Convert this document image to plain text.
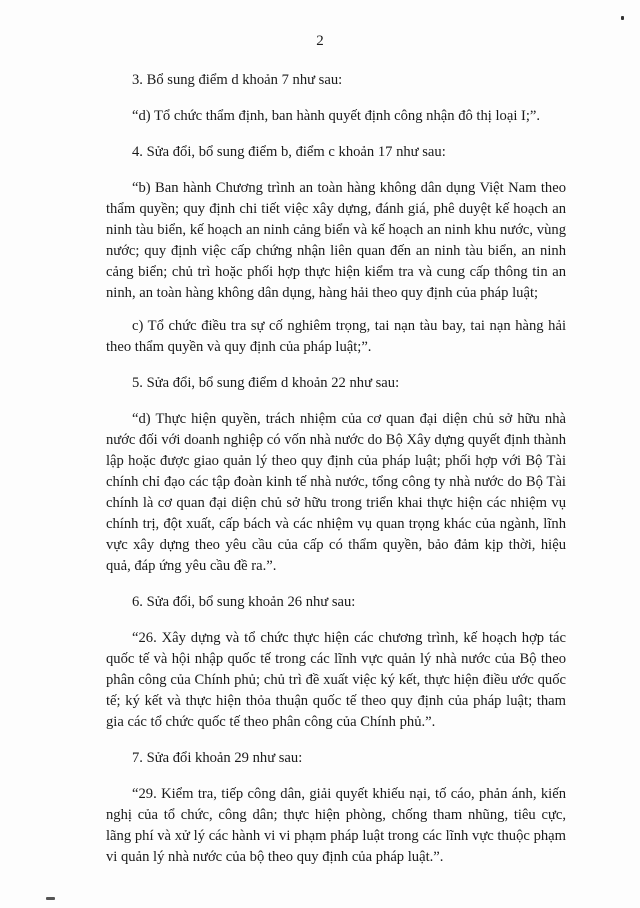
2

3. Bổ sung điểm d khoản 7 như sau:

“d) Tổ chức thẩm định, ban hành quyết định công nhận đô thị loại I;”.

4. Sửa đổi, bổ sung điểm b, điểm c khoản 17 như sau:

“b) Ban hành Chương trình an toàn hàng không dân dụng Việt Nam theo thẩm quyền; quy định chi tiết việc xây dựng, đánh giá, phê duyệt kế hoạch an ninh tàu biển, kế hoạch an ninh cảng biển và kế hoạch an ninh khu nước, vùng nước; quy định việc cấp chứng nhận liên quan đến an ninh tàu biển, an ninh cảng biển; chủ trì hoặc phối hợp thực hiện kiểm tra và cung cấp thông tin an ninh, an toàn hàng không dân dụng, hàng hải theo quy định của pháp luật;

c) Tổ chức điều tra sự cố nghiêm trọng, tai nạn tàu bay, tai nạn hàng hải theo thẩm quyền và quy định của pháp luật;”.

5. Sửa đổi, bổ sung điểm d khoản 22 như sau:

“d) Thực hiện quyền, trách nhiệm của cơ quan đại diện chủ sở hữu nhà nước đối với doanh nghiệp có vốn nhà nước do Bộ Xây dựng quyết định thành lập hoặc được giao quản lý theo quy định của pháp luật; phối hợp với Bộ Tài chính chỉ đạo các tập đoàn kinh tế nhà nước, tổng công ty nhà nước do Bộ Tài chính là cơ quan đại diện chủ sở hữu trong triển khai thực hiện các nhiệm vụ chính trị, đột xuất, cấp bách và các nhiệm vụ quan trọng khác của ngành, lĩnh vực xây dựng theo yêu cầu của cấp có thẩm quyền, bảo đảm kịp thời, hiệu quả, đáp ứng yêu cầu đề ra.”.

6. Sửa đổi, bổ sung khoản 26 như sau:

“26. Xây dựng và tổ chức thực hiện các chương trình, kế hoạch hợp tác quốc tế và hội nhập quốc tế trong các lĩnh vực quản lý nhà nước của Bộ theo phân công của Chính phủ; chủ trì đề xuất việc ký kết, thực hiện điều ước quốc tế; ký kết và thực hiện thỏa thuận quốc tế theo quy định của pháp luật; tham gia các tổ chức quốc tế theo phân công của Chính phủ.”.

7. Sửa đổi khoản 29 như sau:

“29. Kiểm tra, tiếp công dân, giải quyết khiếu nại, tố cáo, phản ánh, kiến nghị của tổ chức, công dân; thực hiện phòng, chống tham nhũng, tiêu cực, lãng phí và xử lý các hành vi vi phạm pháp luật trong các lĩnh vực thuộc phạm vi quản lý nhà nước của bộ theo quy định của pháp luật.”.
